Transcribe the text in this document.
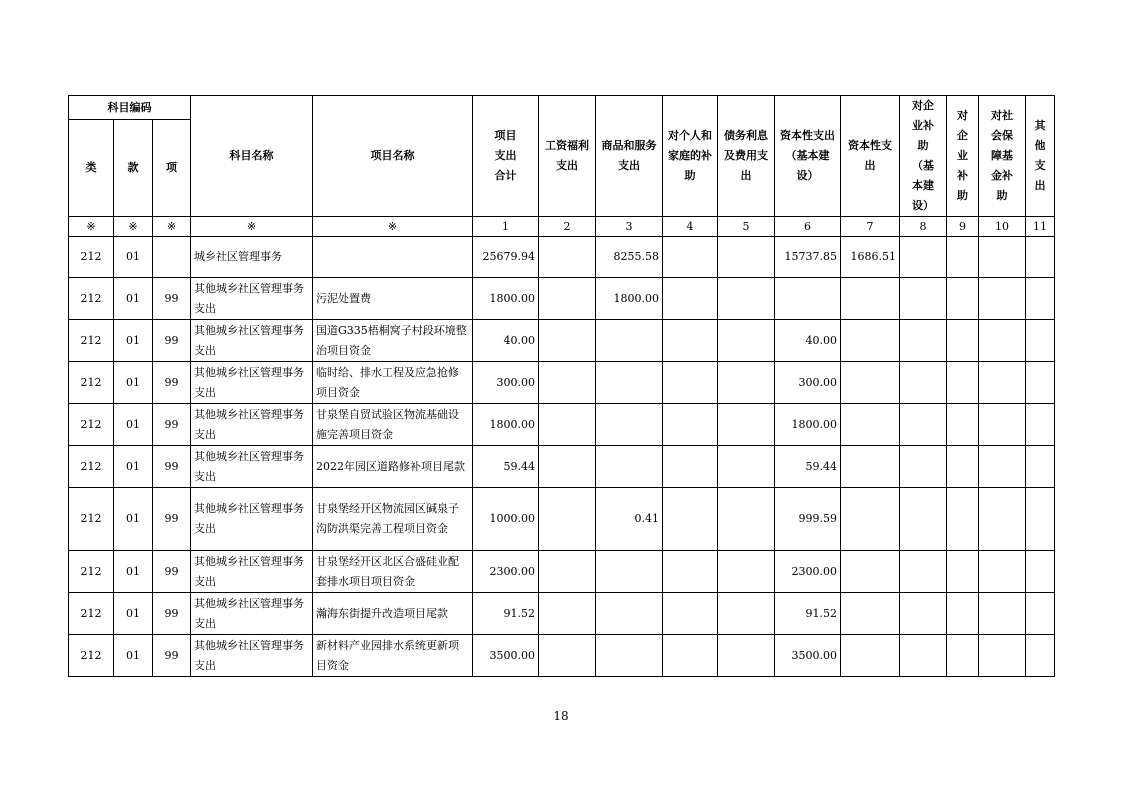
科目编码			科目名称	项目名称	项目支出合计	工资福利支出	商品和服务支出	对个人和家庭的补助	债务利息及费用支出	资本性支出（基本建设）	资本性支出	对企业补助（基本建设）	对企业补助	对社会保障基金补助	其他支出
类	款	项													
※	※	※	※	※	1	2	3	4	5	6	7	8	9	10	11
212	01		城乡社区管理事务		25679.94		8255.58			15737.85	1686.51				
212	01	99	其他城乡社区管理事务支出	污泥处置费	1800.00		1800.00								
212	01	99	其他城乡社区管理事务支出	国道G335梧桐窝子村段环境整治项目资金	40.00					40.00					
212	01	99	其他城乡社区管理事务支出	临时给、排水工程及应急抢修项目资金	300.00					300.00					
212	01	99	其他城乡社区管理事务支出	甘泉堡自贸试验区物流基础设施完善项目资金	1800.00					1800.00					
212	01	99	其他城乡社区管理事务支出	2022年园区道路修补项目尾款	59.44					59.44					
212	01	99	其他城乡社区管理事务支出	甘泉堡经开区物流园区碱泉子沟防洪渠完善工程项目资金	1000.00		0.41			999.59					
212	01	99	其他城乡社区管理事务支出	甘泉堡经开区北区合盛硅业配套排水项目项目资金	2300.00					2300.00					
212	01	99	其他城乡社区管理事务支出	瀚海东街提升改造项目尾款	91.52					91.52					
212	01	99	其他城乡社区管理事务支出	新材料产业园排水系统更新项目资金	3500.00					3500.00					
18
